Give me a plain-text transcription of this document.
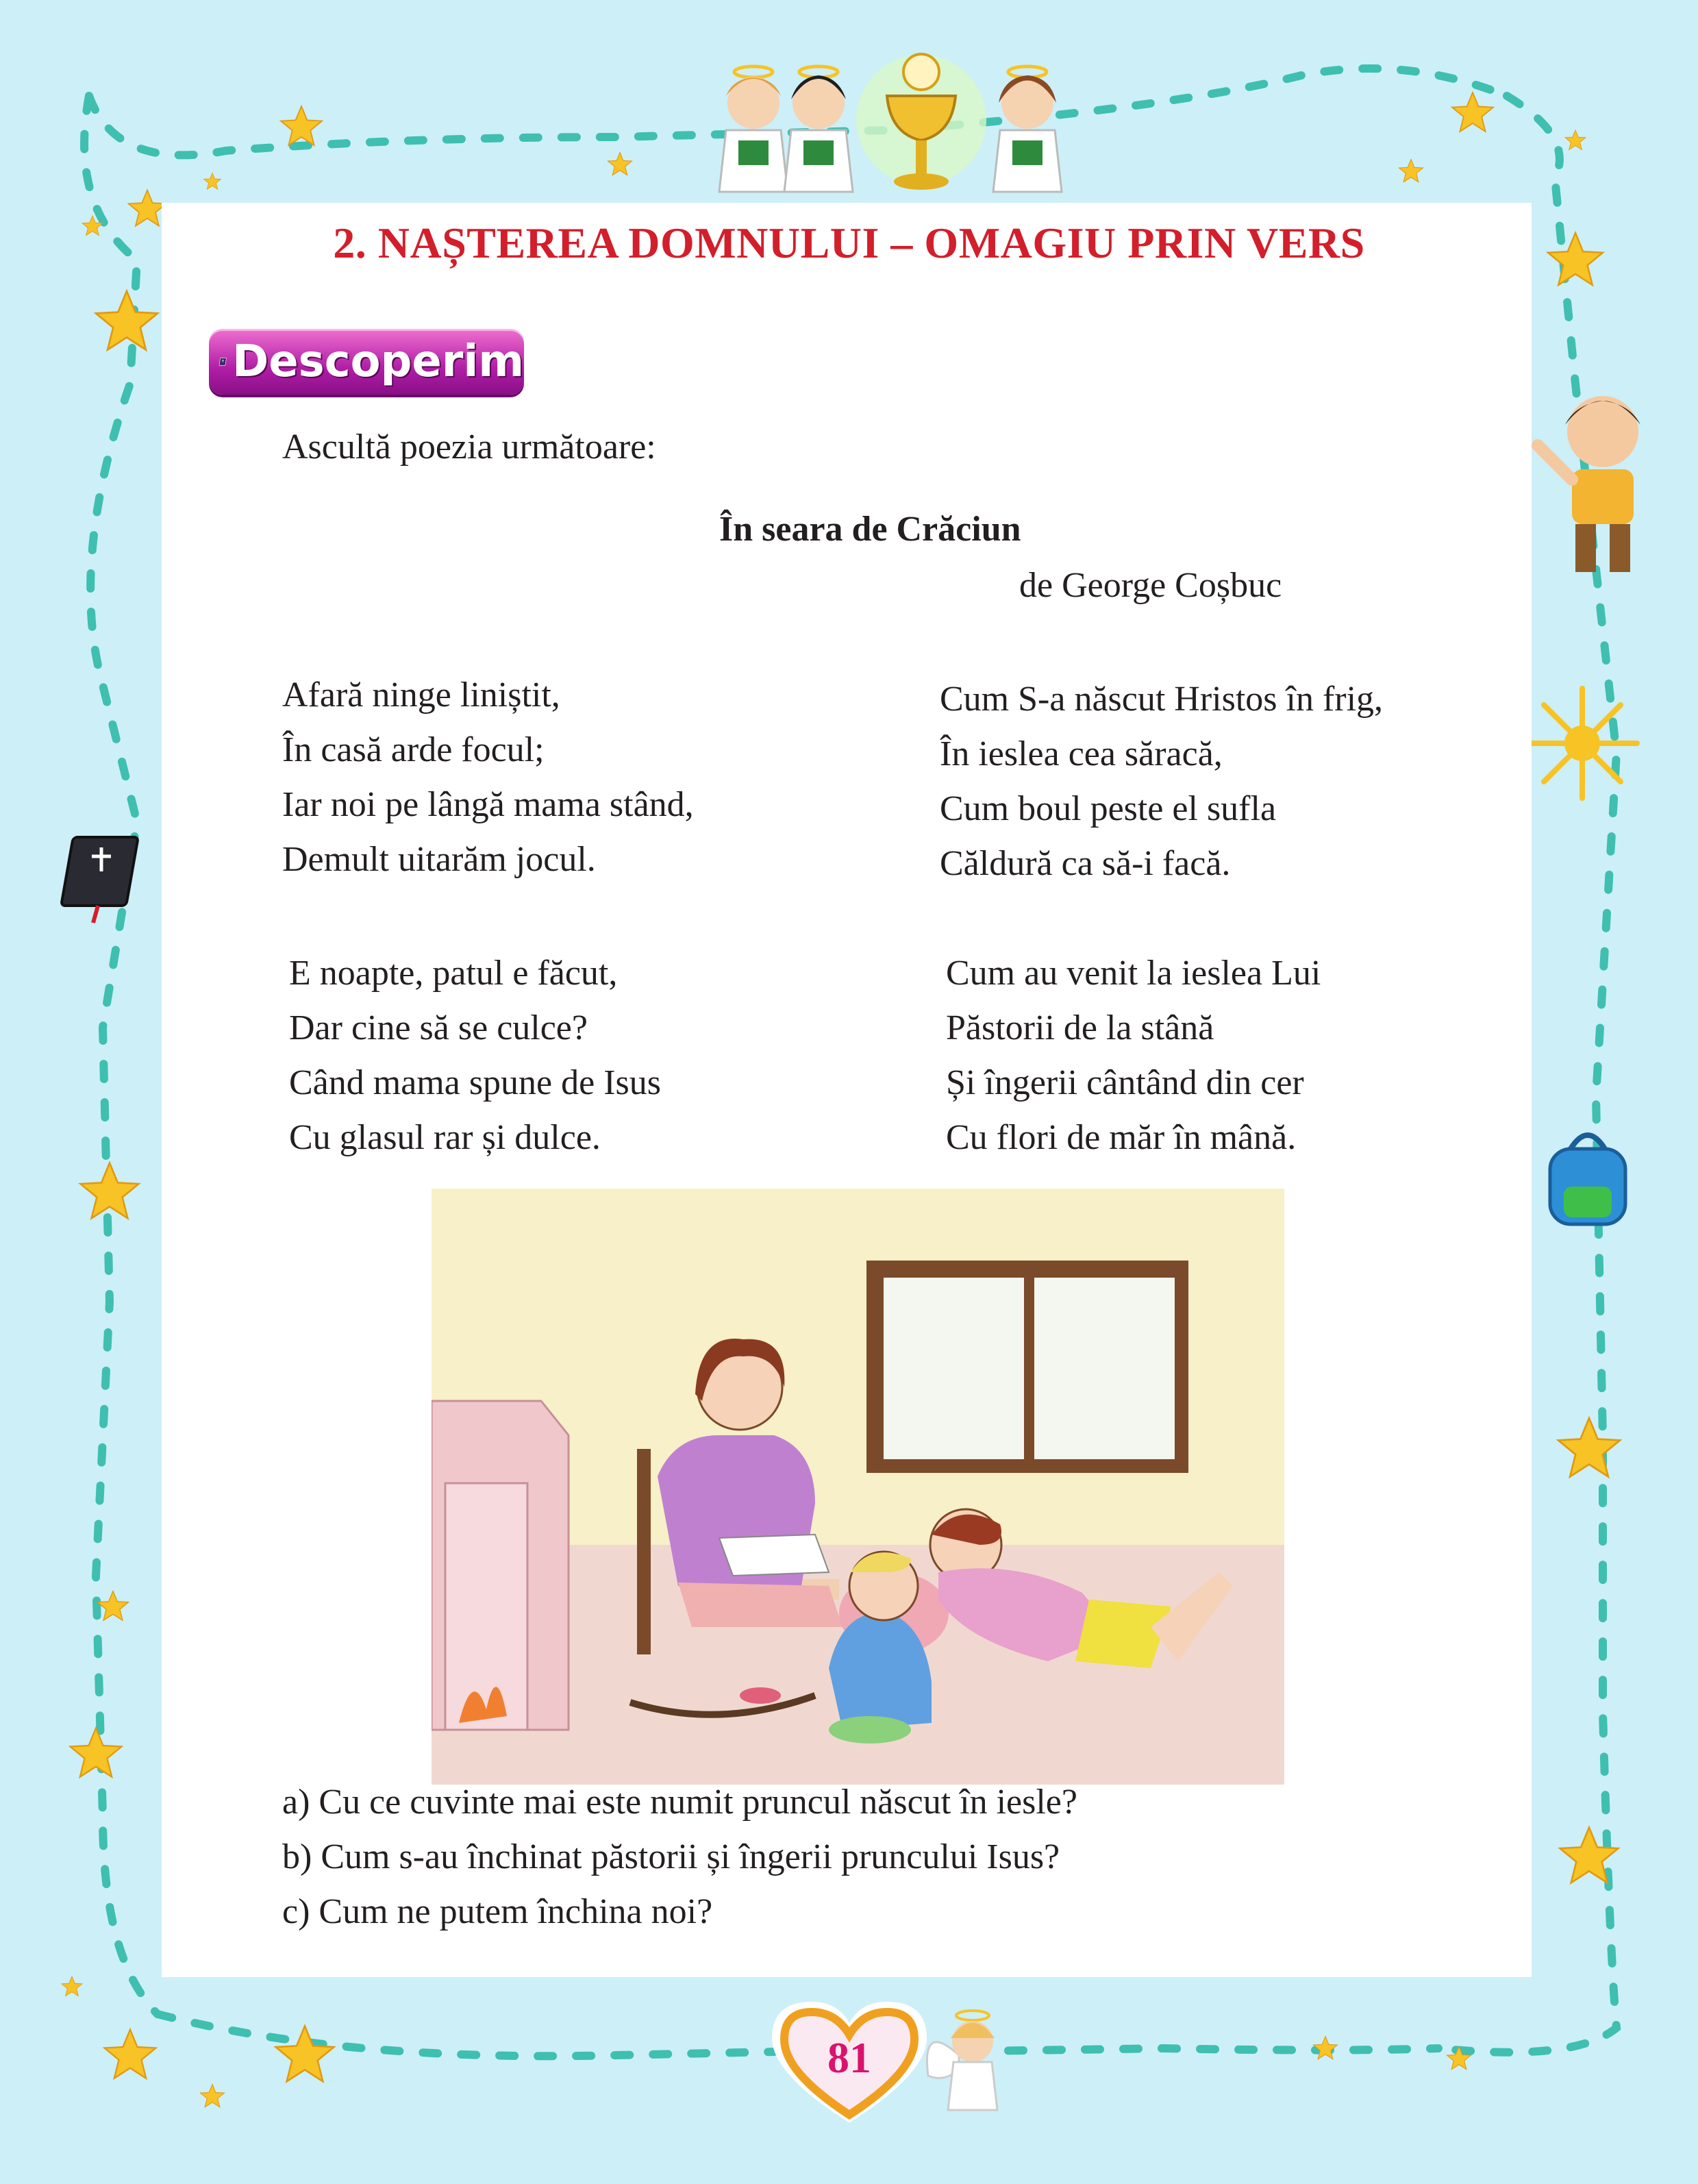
2. NAȘTEREA DOMNULUI – OMAGIU PRIN VERS
Descoperim

Ascultă poezia următoare:

În seara de Crăciun

de George Coșbuc

Afară ninge liniștit,
În casă arde focul;
Iar noi pe lângă mama stând,
Demult uitarăm jocul.
Cum S-a născut Hristos în frig,
În ieslea cea săracă,
Cum boul peste el sufla
Căldură ca să-i facă.
E noapte, patul e făcut,
Dar cine să se culce?
Când mama spune de Isus
Cu glasul rar și dulce.
Cum au venit la ieslea Lui
Păstorii de la stână
Și îngerii cântând din cer
Cu flori de măr în mână.
a) Cu ce cuvinte mai este numit pruncul născut în iesle?
b) Cum s-au închinat păstorii și îngerii pruncului Isus?
c) Cum ne putem închina noi?
81
